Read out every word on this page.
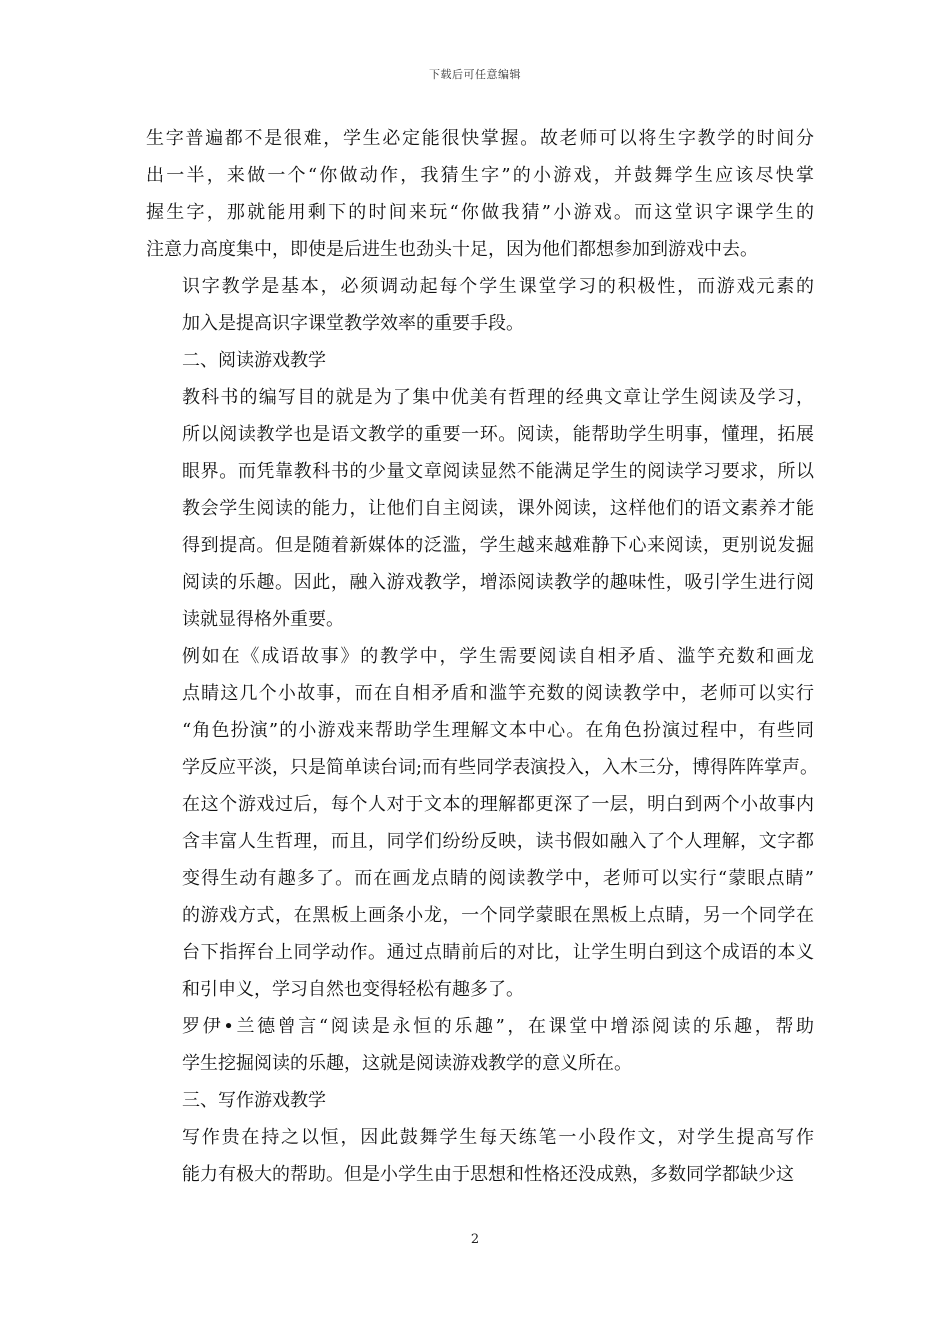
下载后可任意编辑
生字普遍都不是很难，学生必定能很快掌握。故老师可以将生字教学的时间分
出一半，来做一个“你做动作，我猜生字”的小游戏，并鼓舞学生应该尽快掌
握生字，那就能用剩下的时间来玩“你做我猜”小游戏。而这堂识字课学生的
注意力高度集中，即使是后进生也劲头十足，因为他们都想参加到游戏中去。
识字教学是基本，必须调动起每个学生课堂学习的积极性，而游戏元素的
加入是提高识字课堂教学效率的重要手段。
二、阅读游戏教学
教科书的编写目的就是为了集中优美有哲理的经典文章让学生阅读及学习，
所以阅读教学也是语文教学的重要一环。阅读，能帮助学生明事，懂理，拓展
眼界。而凭靠教科书的少量文章阅读显然不能满足学生的阅读学习要求，所以
教会学生阅读的能力，让他们自主阅读，课外阅读，这样他们的语文素养才能
得到提高。但是随着新媒体的泛滥，学生越来越难静下心来阅读，更别说发掘
阅读的乐趣。因此，融入游戏教学，增添阅读教学的趣味性，吸引学生进行阅
读就显得格外重要。
例如在《成语故事》的教学中，学生需要阅读自相矛盾、滥竽充数和画龙
点睛这几个小故事，而在自相矛盾和滥竽充数的阅读教学中，老师可以实行
“角色扮演”的小游戏来帮助学生理解文本中心。在角色扮演过程中，有些同
学反应平淡，只是简单读台词;而有些同学表演投入，入木三分，博得阵阵掌声。
在这个游戏过后，每个人对于文本的理解都更深了一层，明白到两个小故事内
含丰富人生哲理，而且，同学们纷纷反映，读书假如融入了个人理解，文字都
变得生动有趣多了。而在画龙点睛的阅读教学中，老师可以实行“蒙眼点睛”
的游戏方式，在黑板上画条小龙，一个同学蒙眼在黑板上点睛，另一个同学在
台下指挥台上同学动作。通过点睛前后的对比，让学生明白到这个成语的本义
和引申义，学习自然也变得轻松有趣多了。
罗伊•兰德曾言“阅读是永恒的乐趣”，在课堂中增添阅读的乐趣，帮助
学生挖掘阅读的乐趣，这就是阅读游戏教学的意义所在。
三、写作游戏教学
写作贵在持之以恒，因此鼓舞学生每天练笔一小段作文，对学生提高写作
能力有极大的帮助。但是小学生由于思想和性格还没成熟，多数同学都缺少这
2
